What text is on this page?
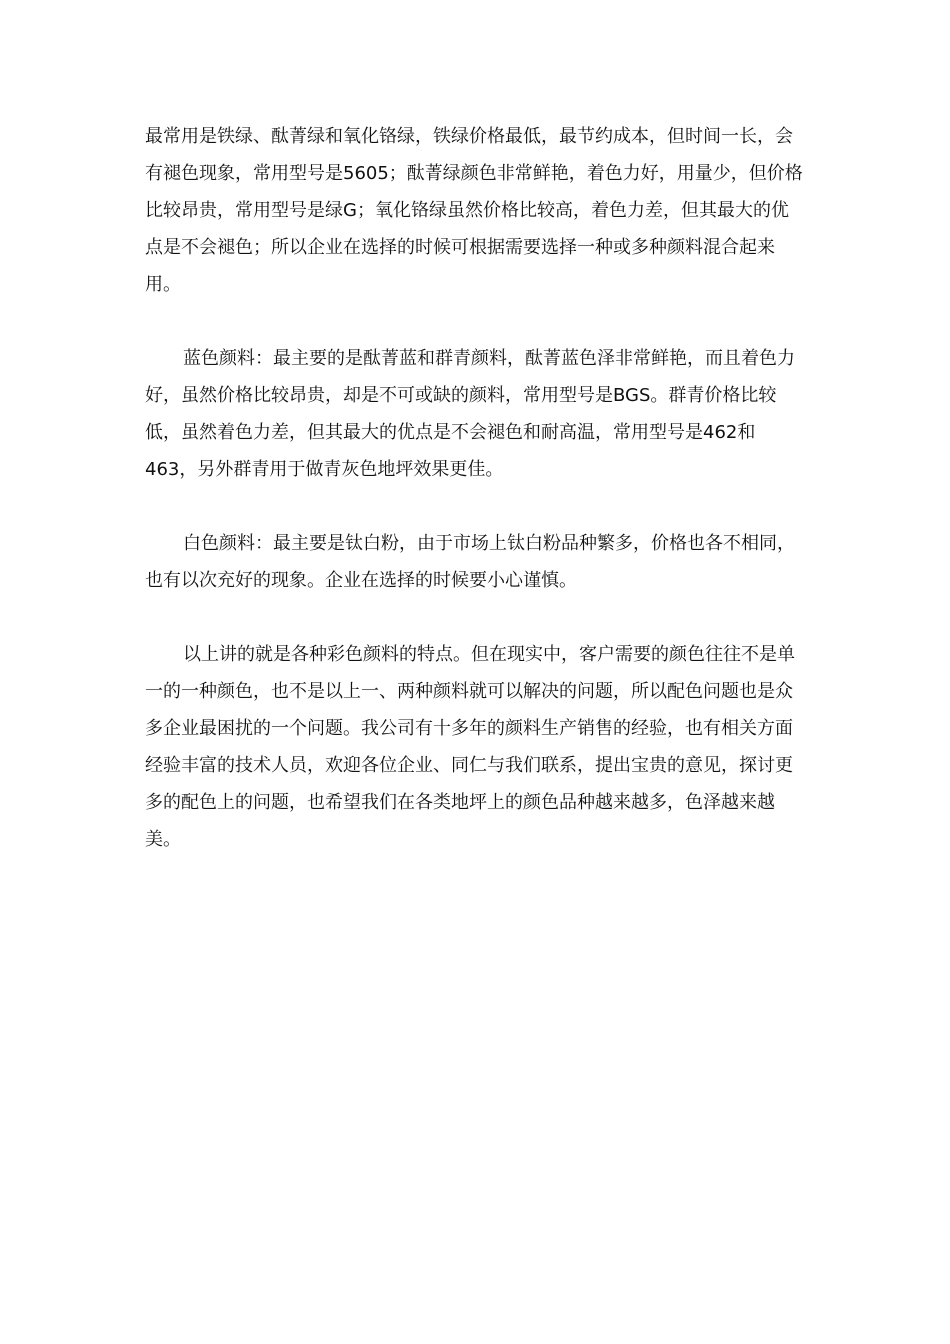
最常用是铁绿、酞菁绿和氧化铬绿，铁绿价格最低，最节约成本，但时间一长，会有褪色现象，常用型号是5605；酞菁绿颜色非常鲜艳，着色力好，用量少，但价格比较昂贵，常用型号是绿G；氧化铬绿虽然价格比较高，着色力差，但其最大的优点是不会褪色；所以企业在选择的时候可根据需要选择一种或多种颜料混合起来用。

蓝色颜料：最主要的是酞菁蓝和群青颜料，酞菁蓝色泽非常鲜艳，而且着色力好，虽然价格比较昂贵，却是不可或缺的颜料，常用型号是BGS。群青价格比较低，虽然着色力差，但其最大的优点是不会褪色和耐高温，常用型号是462和463，另外群青用于做青灰色地坪效果更佳。

白色颜料：最主要是钛白粉，由于市场上钛白粉品种繁多，价格也各不相同，也有以次充好的现象。企业在选择的时候要小心谨慎。

以上讲的就是各种彩色颜料的特点。但在现实中，客户需要的颜色往往不是单一的一种颜色，也不是以上一、两种颜料就可以解决的问题，所以配色问题也是众多企业最困扰的一个问题。我公司有十多年的颜料生产销售的经验，也有相关方面经验丰富的技术人员，欢迎各位企业、同仁与我们联系，提出宝贵的意见，探讨更多的配色上的问题，也希望我们在各类地坪上的颜色品种越来越多，色泽越来越美。
